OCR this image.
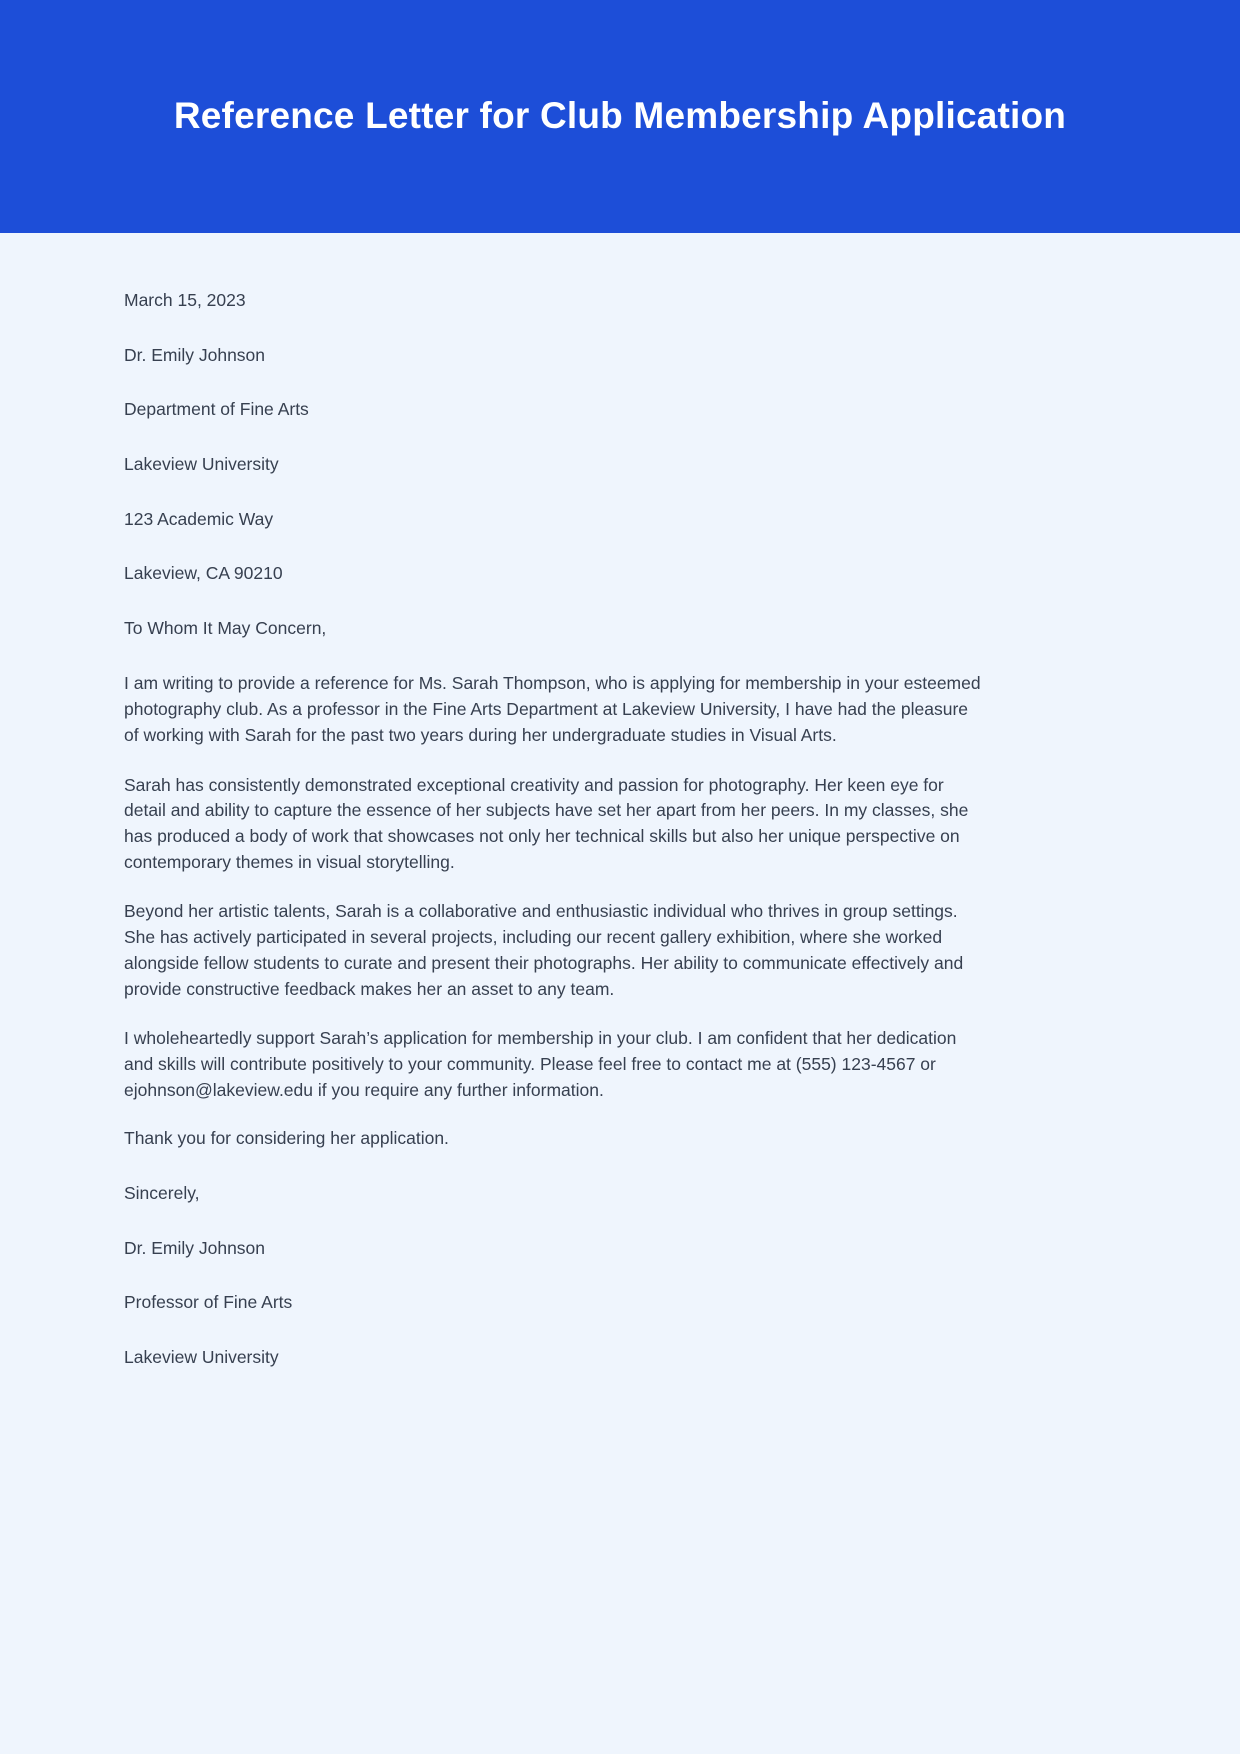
Reference Letter for Club Membership Application

March 15, 2023

Dr. Emily Johnson

Department of Fine Arts

Lakeview University

123 Academic Way

Lakeview, CA 90210

To Whom It May Concern,

I am writing to provide a reference for Ms. Sarah Thompson, who is applying for membership in your esteemed photography club. As a professor in the Fine Arts Department at Lakeview University, I have had the pleasure of working with Sarah for the past two years during her undergraduate studies in Visual Arts.

Sarah has consistently demonstrated exceptional creativity and passion for photography. Her keen eye for detail and ability to capture the essence of her subjects have set her apart from her peers. In my classes, she has produced a body of work that showcases not only her technical skills but also her unique perspective on contemporary themes in visual storytelling.

Beyond her artistic talents, Sarah is a collaborative and enthusiastic individual who thrives in group settings. She has actively participated in several projects, including our recent gallery exhibition, where she worked alongside fellow students to curate and present their photographs. Her ability to communicate effectively and provide constructive feedback makes her an asset to any team.

I wholeheartedly support Sarah’s application for membership in your club. I am confident that her dedication and skills will contribute positively to your community. Please feel free to contact me at (555) 123-4567 or ejohnson@lakeview.edu if you require any further information.

Thank you for considering her application.

Sincerely,

Dr. Emily Johnson

Professor of Fine Arts

Lakeview University
